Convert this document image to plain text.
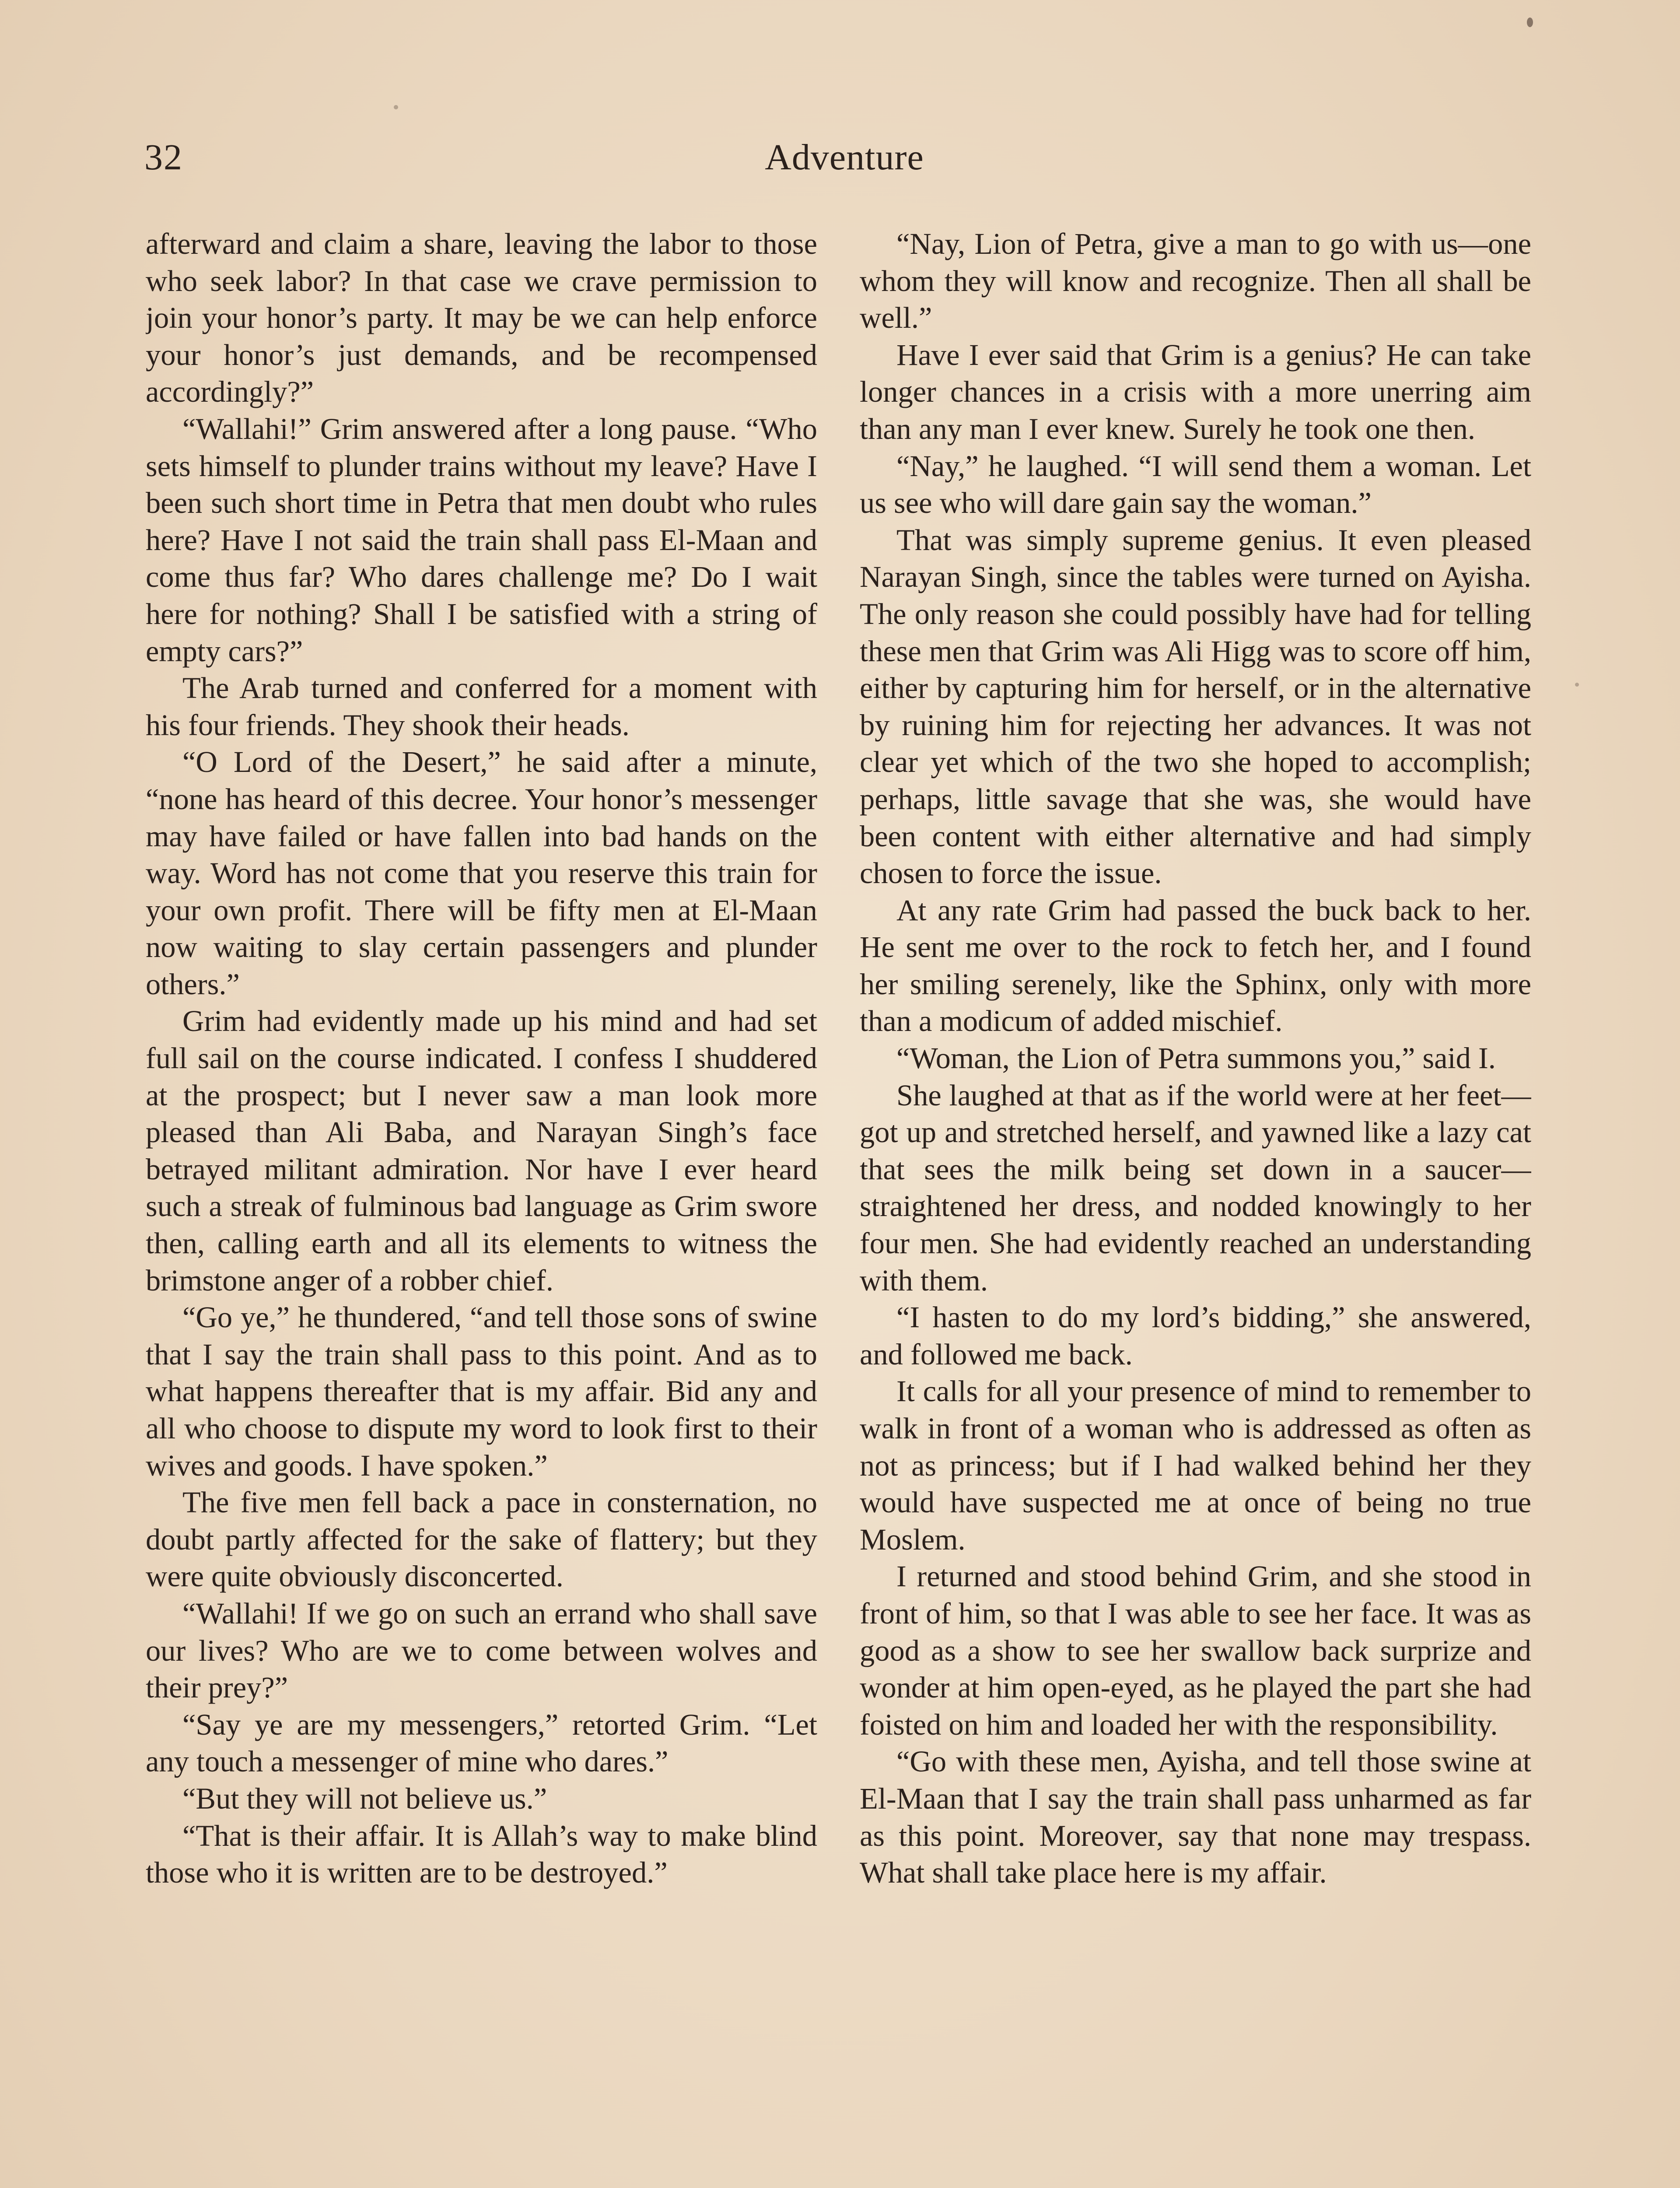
32	Adventure

afterward and claim a share, leaving the labor to those who seek labor? In that case we crave permission to join your honor’s party. It may be we can help enforce your honor’s just demands, and be recompensed accordingly?”

“Wallahi!” Grim answered after a long pause. “Who sets himself to plunder trains without my leave? Have I been such short time in Petra that men doubt who rules here? Have I not said the train shall pass El-Maan and come thus far? Who dares challenge me? Do I wait here for nothing? Shall I be satisfied with a string of empty cars?”

The Arab turned and conferred for a moment with his four friends. They shook their heads.

“O Lord of the Desert,” he said after a minute, “none has heard of this decree. Your honor’s messenger may have failed or have fallen into bad hands on the way. Word has not come that you reserve this train for your own profit. There will be fifty men at El-Maan now waiting to slay certain passengers and plunder others.”

Grim had evidently made up his mind and had set full sail on the course indicated. I confess I shuddered at the prospect; but I never saw a man look more pleased than Ali Baba, and Narayan Singh’s face betrayed militant admiration. Nor have I ever heard such a streak of fulminous bad language as Grim swore then, calling earth and all its elements to witness the brimstone anger of a robber chief.

“Go ye,” he thundered, “and tell those sons of swine that I say the train shall pass to this point. And as to what happens thereafter that is my affair. Bid any and all who choose to dispute my word to look first to their wives and goods. I have spoken.”

The five men fell back a pace in consternation, no doubt partly affected for the sake of flattery; but they were quite obviously disconcerted.

“Wallahi! If we go on such an errand who shall save our lives? Who are we to come between wolves and their prey?”

“Say ye are my messengers,” retorted Grim. “Let any touch a messenger of mine who dares.”

“But they will not believe us.”

“That is their affair. It is Allah’s way to make blind those who it is written are to be destroyed.”

“Nay, Lion of Petra, give a man to go with us—one whom they will know and recognize. Then all shall be well.”

Have I ever said that Grim is a genius? He can take longer chances in a crisis with a more unerring aim than any man I ever knew. Surely he took one then.

“Nay,” he laughed. “I will send them a woman. Let us see who will dare gain say the woman.”

That was simply supreme genius. It even pleased Narayan Singh, since the tables were turned on Ayisha. The only reason she could possibly have had for telling these men that Grim was Ali Higg was to score off him, either by capturing him for herself, or in the alternative by ruining him for rejecting her advances. It was not clear yet which of the two she hoped to accomplish; perhaps, little savage that she was, she would have been content with either alternative and had simply chosen to force the issue.

At any rate Grim had passed the buck back to her. He sent me over to the rock to fetch her, and I found her smiling serenely, like the Sphinx, only with more than a modicum of added mischief.

“Woman, the Lion of Petra summons you,” said I.

She laughed at that as if the world were at her feet—got up and stretched herself, and yawned like a lazy cat that sees the milk being set down in a saucer—straightened her dress, and nodded knowingly to her four men. She had evidently reached an understanding with them.

“I hasten to do my lord’s bidding,” she answered, and followed me back.

It calls for all your presence of mind to remember to walk in front of a woman who is addressed as often as not as princess; but if I had walked behind her they would have suspected me at once of being no true Moslem.

I returned and stood behind Grim, and she stood in front of him, so that I was able to see her face. It was as good as a show to see her swallow back surprize and wonder at him open-eyed, as he played the part she had foisted on him and loaded her with the responsibility.

“Go with these men, Ayisha, and tell those swine at El-Maan that I say the train shall pass unharmed as far as this point. Moreover, say that none may trespass. What shall take place here is my affair.
